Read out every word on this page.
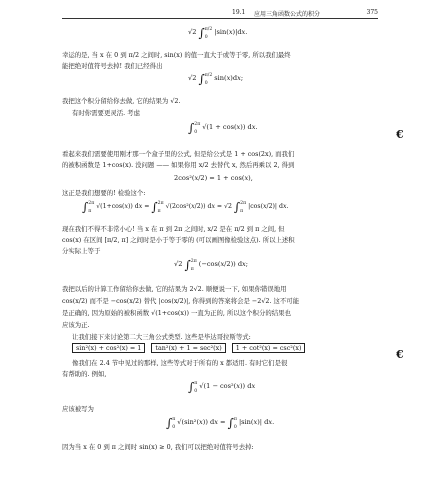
19.1 应用三角函数公式的积分	375
√2 ∫π/2
0|sin(x)|dx.
幸运的是, 当 x 在 0 到 π/2 之间时, sin(x) 的值一直大于或等于零, 所以我们最终
能把绝对值符号去掉! 我们已经得出
√2 ∫π/2
0sin(x)dx;
我把这个积分留给你去做, 它的结果为 √2.
有时你需要更灵活. 考虑
∫2π
0√(1 + cos(x)) dx.
看起来我们需要使用刚才那一个盒子里的公式, 但是给公式是 1 + cos(2x), 而我们
的被积函数是 1+cos(x). 没问题 —— 如果你用 x/2 去替代 x, 然后再乘以 2, 得到
2cos²(x/2) = 1 + cos(x),
这正是我们想要的! 检验这个:
∫2π
π√(1+cos(x)) dx = ∫2π
π√(2cos²(x/2)) dx = √2 ∫2π
π|cos(x/2)| dx.
现在我们不得不非常小心! 当 x 在 π 到 2π 之间时, x/2 是在 π/2 到 π 之间, 但
cos(x) 在区间 [π/2, π] 之间时是小于等于零的 (可以画图像检验这点). 所以上述积
分实际上等于
√2 ∫2π
π(−cos(x/2)) dx;
我把以后的计算工作留给你去做, 它的结果为 2√2. 顺便说一下, 如果你错误地用
cos(x/2) 而不是 −cos(x/2) 替代 |cos(x/2)|, 你得到的答案将会是 −2√2. 这不可能
是正确的, 因为原始的被积函数 √(1+cos(x)) 一直为正的, 所以这个积分的结果也
应该为正.
让我们接下来讨论第二大三角公式类型. 这些是毕达哥拉斯等式:
sin²(x) + cos²(x) = 1 tan²(x) + 1 = sec²(x) 1 + cot²(x) = csc²(x)
像我们在 2.4 节中见过的那样, 这些等式对于所有的 x 都适用. 有时它们是很
有帮助的. 例如,
∫π
0√(1 − cos²(x)) dx
应该被写为
∫π
0√(sin²(x)) dx = ∫π
0|sin(x)| dx.
因为当 x 在 0 到 π 之间时 sin(x) ≥ 0, 我们可以把绝对值符号去掉:
€
€
